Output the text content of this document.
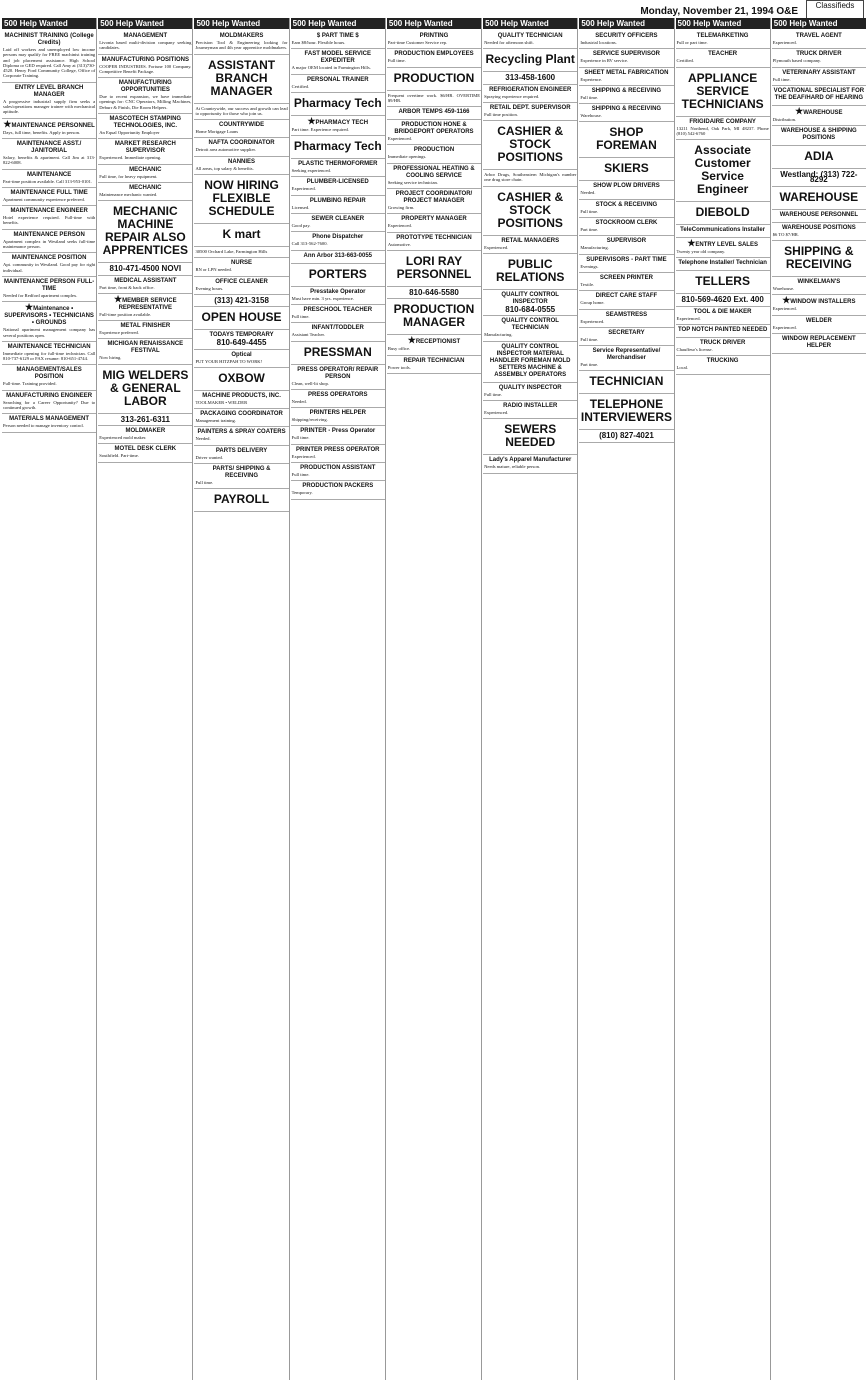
Monday, November 21, 1994 O&E
Classifieds
500 Help Wanted
MACHINIST TRAINING (College Credits)
Laid off workers and unemployed low income persons may qualify for FREE machinist training and job placement assistance. High School Diploma or GED required. Call Amy at (313)730-4520. Henry Ford Community College, Office of Corporate Training.
ENTRY LEVEL BRANCH MANAGER
A progressive industrial supply firm seeks a sales/operations manager trainee with mechanical aptitude.
★ MAINTENANCE PERSONNEL
Days, full time, benefits. Apply in person.
MAINTENANCE ASST./ JANITORIAL
Salary, benefits & apartment. Call Jim at 313-822-6008.
MAINTENANCE
Part-time position available. Call 313-953-0101.
MAINTENANCE FULL TIME
Apartment community experience preferred.
MAINTENANCE ENGINEER
Hotel experience required. Full-time with benefits.
MAINTENANCE PERSON
Apartment complex in Westland seeks full-time maintenance person.
MAINTENANCE POSITION
Apt. community in Westland. Good pay for right individual.
MAINTENANCE PERSON FULL-TIME
Needed for Redford apartment complex.
★ Maintenance • SUPERVISORS • TECHNICIANS • GROUNDS
National apartment management company has several positions open.
MAINTENANCE TECHNICIAN
Immediate opening for full-time technician. Call 810-737-6129 or FAX resume: 810-651-4744.
MANAGEMENT/SALES POSITION
Full-time. Training provided.
MANUFACTURING ENGINEER
Searching for a Career Opportunity? Due to continued growth.
MATERIALS MANAGEMENT
Person needed to manage inventory control.
500 Help Wanted
MANAGEMENT
Livonia based multi-division company seeking candidates.
MANUFACTURING POSITIONS
COOPER INDUSTRIES. Fortune 100 Company. Competitive Benefit Package.
MANUFACTURING OPPORTUNITIES
Due to recent expansion, we have immediate openings for: CNC Operators, Milling Machines, Deburr & Finish, Die Room Helpers.
MASCOTECH STAMPING TECHNOLOGIES, INC.
An Equal Opportunity Employer
MARKET RESEARCH SUPERVISOR
Experienced. Immediate opening.
MECHANIC
Full time, for heavy equipment.
MECHANIC
Maintenance mechanic wanted.
MECHANIC MACHINE REPAIR ALSO APPRENTICES
810-471-4500 NOVI
MEDICAL ASSISTANT
Part time, front & back office.
★ MEMBER SERVICE REPRESENTATIVE
Full-time position available.
METAL FINISHER
Experience preferred.
MICHIGAN RENAISSANCE FESTIVAL
Now hiring.
MIG WELDERS & GENERAL LABOR
313-261-6311
MOLDMAKER
Experienced mold maker.
MOTEL DESK CLERK
Southfield. Part-time.
500 Help Wanted
MOLDMAKERS
Precision Tool & Engineering looking for Journeyman and 4th year apprentice moldmakers.
ASSISTANT BRANCH MANAGER
At Countrywide, our success and growth can lead to opportunity for those who join us.
COUNTRYWIDE
Home Mortgage Loans
NAFTA COORDINATOR
Detroit area automotive supplier.
NANNIES
All areas, top salary & benefits.
NOW HIRING FLEXIBLE SCHEDULE
K mart
30500 Orchard Lake, Farmington Hills
NURSE
RN or LPN needed.
OFFICE CLEANER
Evening hours.
(313) 421-3158
OPEN HOUSE
TODAYS TEMPORARY
810-649-4455
Optical
PUT YOUR HITZPAH TO WORK!
OXBOW
MACHINE PRODUCTS, INC.
TOOLMAKER • WELDER
PACKAGING COORDINATOR
Management training.
PAINTERS & SPRAY COATERS
Needed.
PARTS DELIVERY
Driver wanted.
PARTS/ SHIPPING & RECEIVING
Full time.
PAYROLL
500 Help Wanted
$ PART TIME $
Earn $8/hour. Flexible hours.
FAST MODEL SERVICE EXPEDITER
A major OEM located in Farmington Hills.
PERSONAL TRAINER
Certified.
Pharmacy Tech
★ PHARMACY TECH
Part time. Experience required.
Pharmacy Tech
PLASTIC THERMOFORMER
Seeking experienced.
PLUMBER-LICENSED
Experienced.
PLUMBING REPAIR
Licensed.
SEWER CLEANER
Good pay.
Phone Dispatcher
Call 313-562-7600.
Ann Arbor 313-663-0055
PORTERS
Presstake Operator
Must have min. 3 yrs. experience.
PRESCHOOL TEACHER
Full time.
INFANT/TODDLER
Assistant Teacher.
PRESSMAN
PRESS OPERATOR/ REPAIR PERSON
Clean, well-lit shop.
PRESS OPERATORS
Needed.
PRINTERS HELPER
Shipping/receiving.
PRINTER - Press Operator
Full time.
PRINTER PRESS OPERATOR
Experienced.
PRODUCTION ASSISTANT
Full time.
PRODUCTION PACKERS
Temporary.
500 Help Wanted
PRINTING
Part-time Customer Service rep.
PRODUCTION EMPLOYEES
Full time.
PRODUCTION
Frequent overtime work. $6/HR. OVERTIME $9/HR.
ARBOR TEMPS 459-1166
PRODUCTION HONE & BRIDGEPORT OPERATORS
Experienced.
PRODUCTION
Immediate openings.
PROFESSIONAL HEATING & COOLING SERVICE
Seeking service technician.
PROJECT COORDINATOR/ PROJECT MANAGER
Growing firm.
PROPERTY MANAGER
Experienced.
PROTOTYPE TECHNICIAN
Automotive.
LORI RAY PERSONNEL
810-646-5580
PRODUCTION MANAGER
★ RECEPTIONIST
Busy office.
REPAIR TECHNICIAN
Power tools.
500 Help Wanted
QUALITY TECHNICIAN
Needed for afternoon shift.
Recycling Plant
313-458-1600
REFRIGERATION ENGINEER
Spraying experience required.
RETAIL DEPT. SUPERVISOR
Full time position.
CASHIER & STOCK POSITIONS
Arbor Drugs, Southeastern Michigan's number one drug store chain.
CASHIER & STOCK POSITIONS
RETAIL MANAGERS
Experienced.
PUBLIC RELATIONS
QUALITY CONTROL INSPECTOR
810-684-0555
QUALITY CONTROL TECHNICIAN
Manufacturing.
QUALITY CONTROL INSPECTOR MATERIAL HANDLER FOREMAN MOLD SETTERS MACHINE & ASSEMBLY OPERATORS
QUALITY INSPECTOR
Full time.
RADIO INSTALLER
Experienced.
SEWERS NEEDED
Lady's Apparel Manufacturer
Needs mature, reliable person.
500 Help Wanted
SECURITY OFFICERS
Industrial locations.
SERVICE SUPERVISOR
Experience in RV service.
SHEET METAL FABRICATION
Experience.
SHIPPING & RECEIVING
Full time.
SHIPPING & RECEIVING
Warehouse.
SHOP FOREMAN
SKIERS
SHOW PLOW DRIVERS
Needed.
STOCK & RECEIVING
Full time.
STOCKROOM CLERK
Part time.
SUPERVISOR
Manufacturing.
SUPERVISORS - PART TIME
Evenings.
SCREEN PRINTER
Textile.
DIRECT CARE STAFF
Group home.
SEAMSTRESS
Experienced.
SECRETARY
Full time.
Service Representative/ Merchandiser
Part time.
TECHNICIAN
TELEPHONE INTERVIEWERS
(810) 827-4021
500 Help Wanted
TELEMARKETING
Full or part time.
TEACHER
Certified.
APPLIANCE SERVICE TECHNICIANS
FRIGIDAIRE COMPANY
13211 Northend, Oak Park, MI 48237. Phone (810) 542-6760
Associate Customer Service Engineer
DIEBOLD
TeleCommunications Installer
★ ENTRY LEVEL SALES
Twenty year old company.
Telephone Installer/ Technician
TELLERS
810-569-4620 Ext. 400
TOOL & DIE MAKER
Experienced.
TOP NOTCH PAINTED NEEDED
TRUCK DRIVER
Chauffeur's license.
TRUCKING
Local.
500 Help Wanted
TRAVEL AGENT
Experienced.
TRUCK DRIVER
Plymouth based company.
VETERINARY ASSISTANT
Full time.
VOCATIONAL SPECIALIST FOR THE DEAF/HARD OF HEARING
★ WAREHOUSE
Distribution.
WAREHOUSE & SHIPPING POSITIONS
ADIA
Westland: (313) 722-8292
WAREHOUSE
WAREHOUSE PERSONNEL
WAREHOUSE POSITIONS
$6 TO $7/HR.
SHIPPING & RECEIVING
WINKELMAN'S
Warehouse.
★ WINDOW INSTALLERS
Experienced.
WELDER
Experienced.
WINDOW REPLACEMENT HELPER
